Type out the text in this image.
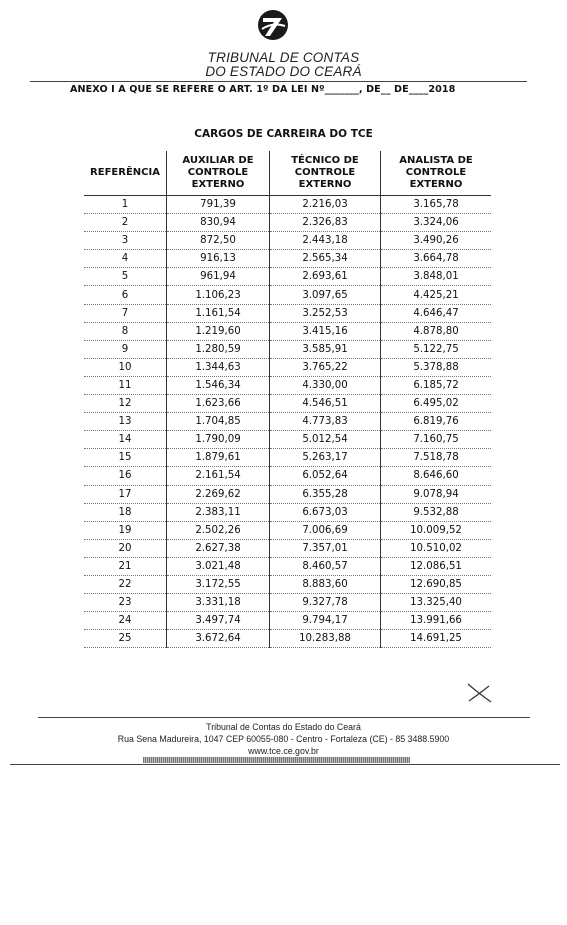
TRIBUNAL DE CONTAS
DO ESTADO DO CEARÁ
ANEXO I A QUE SE REFERE O ART. 1º DA LEI Nº_______, DE__ DE____2018
CARGOS DE CARREIRA DO TCE
REFERÊNCIA	AUXILIAR DE CONTROLE EXTERNO	TÉCNICO DE CONTROLE EXTERNO	ANALISTA DE CONTROLE EXTERNO
1	791,39	2.216,03	3.165,78
2	830,94	2.326,83	3.324,06
3	872,50	2.443,18	3.490,26
4	916,13	2.565,34	3.664,78
5	961,94	2.693,61	3.848,01
6	1.106,23	3.097,65	4.425,21
7	1.161,54	3.252,53	4.646,47
8	1.219,60	3.415,16	4.878,80
9	1.280,59	3.585,91	5.122,75
10	1.344,63	3.765,22	5.378,88
11	1.546,34	4.330,00	6.185,72
12	1.623,66	4.546,51	6.495,02
13	1.704,85	4.773,83	6.819,76
14	1.790,09	5.012,54	7.160,75
15	1.879,61	5.263,17	7.518,78
16	2.161,54	6.052,64	8.646,60
17	2.269,62	6.355,28	9.078,94
18	2.383,11	6.673,03	9.532,88
19	2.502,26	7.006,69	10.009,52
20	2.627,38	7.357,01	10.510,02
21	3.021,48	8.460,57	12.086,51
22	3.172,55	8.883,60	12.690,85
23	3.331,18	9.327,78	13.325,40
24	3.497,74	9.794,17	13.991,66
25	3.672,64	10.283,88	14.691,25
Tribunal de Contas do Estado do Ceará
Rua Sena Madureira, 1047 CEP 60055-080 - Centro - Fortaleza (CE) - 85 3488.5900
www.tce.ce.gov.br
